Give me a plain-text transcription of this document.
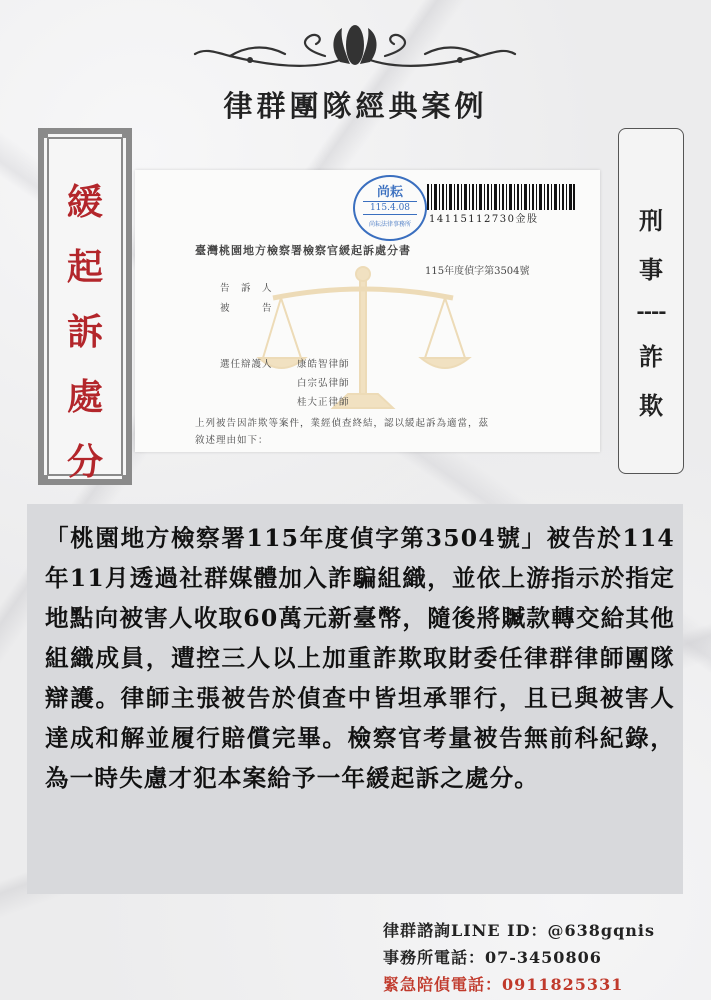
律群團隊經典案例
緩
起
訴
處
分
刑
事
----
詐
欺
尚耘
115.4.08
尚耘法律事務所	14115112730金股
臺灣桃園地方檢察署檢察官緩起訴處分書
115年度偵字第3504號
告　訴　人
被　　　告
選任辯護人	康皓智律師
白宗弘律師
桂大正律師
上列被告因詐欺等案件，業經偵查終結，認以緩起訴為適當，茲
敘述理由如下：
「桃園地方檢察署115年度偵字第3504號」被告於114年11月透過社群媒體加入詐騙組織，並依上游指示於指定地點向被害人收取60萬元新臺幣，隨後將贓款轉交給其他組織成員，遭控三人以上加重詐欺取財委任律群律師團隊辯護。律師主張被告於偵查中皆坦承罪行，且已與被害人達成和解並履行賠償完畢。檢察官考量被告無前科紀錄，為一時失慮才犯本案給予一年緩起訴之處分。
律群諮詢LINE ID：@638gqnis
事務所電話：07-3450806
緊急陪偵電話：0911825331
